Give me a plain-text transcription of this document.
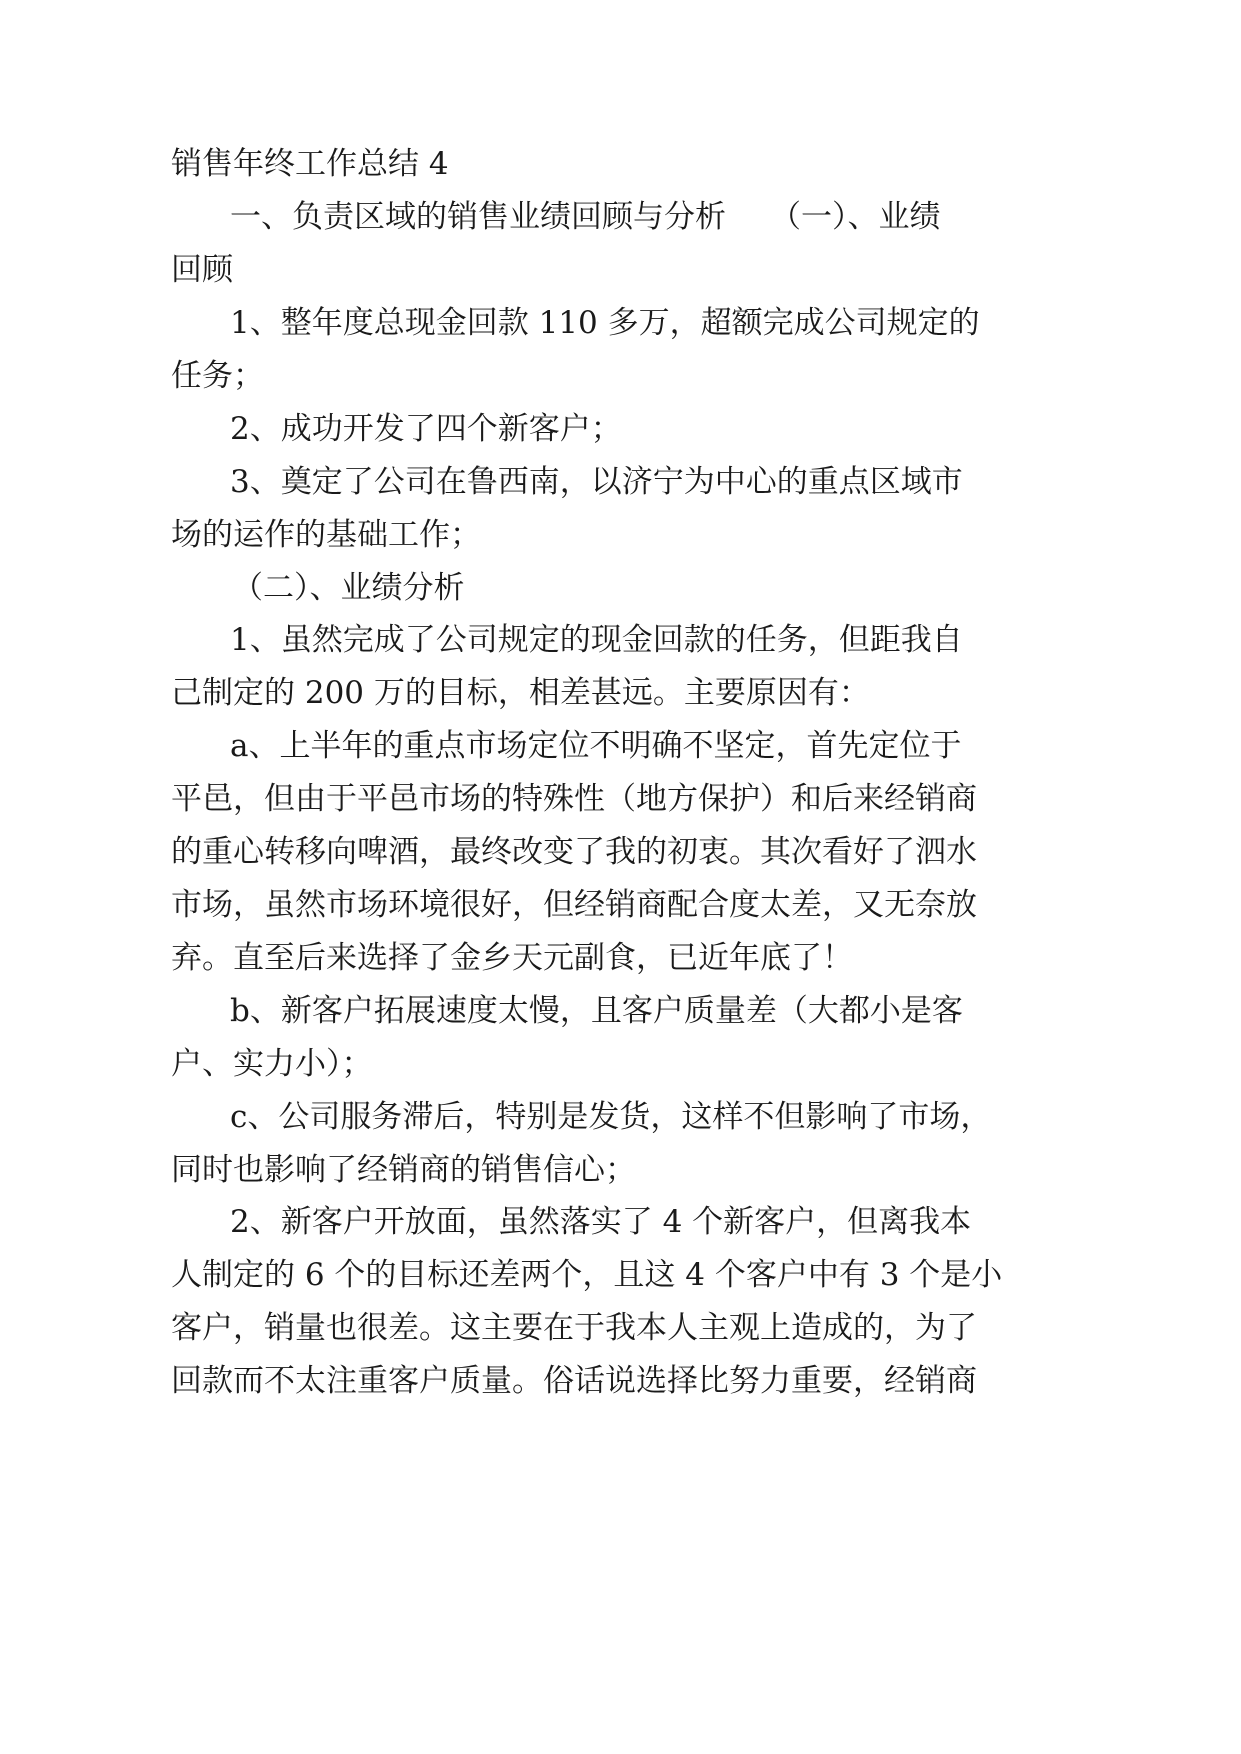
销售年终工作总结 4

一、负责区域的销售业绩回顾与分析

（一）、业绩

回顾

1、整年度总现金回款 110 多万，超额完成公司规定的

任务；

2、成功开发了四个新客户；

3、奠定了公司在鲁西南，以济宁为中心的重点区域市

场的运作的基础工作；

（二）、业绩分析

1、虽然完成了公司规定的现金回款的任务，但距我自

己制定的 200 万的目标，相差甚远。主要原因有：

a、上半年的重点市场定位不明确不坚定，首先定位于

平邑，但由于平邑市场的特殊性（地方保护）和后来经销商

的重心转移向啤酒，最终改变了我的初衷。其次看好了泗水

市场，虽然市场环境很好，但经销商配合度太差，又无奈放

弃。直至后来选择了金乡天元副食，已近年底了！

b、新客户拓展速度太慢，且客户质量差（大都小是客

户、实力小）；

c、公司服务滞后，特别是发货，这样不但影响了市场，

同时也影响了经销商的销售信心；

2、新客户开放面，虽然落实了 4 个新客户，但离我本

人制定的 6 个的目标还差两个，且这 4 个客户中有 3 个是小

客户，销量也很差。这主要在于我本人主观上造成的，为了

回款而不太注重客户质量。俗话说选择比努力重要，经销商
